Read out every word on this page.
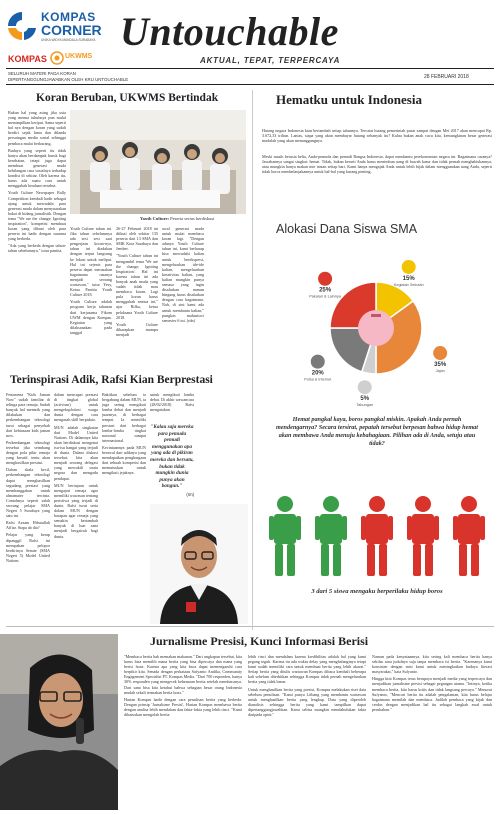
KOMPAS
CORNER
UNIKA WIDYA MANDALA SURABAYA
KOMPAS	UKWMS
Untouchable
AKTUAL, TEPAT, TERPERCAYA
SELURUH MATERI PADA KORAN
DIPERTANGGUNGJAWABKAN OLEH KRU UNTOUCHABLE	28 FEBRUARI 2018
Koran Beruban, UKWMS Bertindak

Bukan hal yang asing jika usia yang menua tubuhnya pun mulai menampilkan keriput. Sama seperti hal nya dengan koran yang sudah berdiri sejak lama dan dilanda persaingan media sosial sehingga pembaca mulai berkurang.

Budaya yang seperti itu tidak hanya akan berdampak buruk bagi kesehatan, tetapi juga dapat membuat generasi muda kehilangan rasa sosialnya terhadap kondisi di sekitar. Oleh karena itu, harus ada suatu cara untuk menggubah keadaan tersebut.

Youth Culture Newspaper Rally Competition kembali hadir sebagai ajang untuk mewadahi para generasi muda dalam menyuarakan bakat di bidang jurnalistik. Dengan tema "We are the change; Igniting inspiration", kompetisi membuat koran yang dibuat oleh para peserta ini hadir dengan suasana yang berbeda.

"Ada yang berbeda dengan tahun-tahun sebelumnya," tutur panitia.

Youth Culture: Peserta serius berdiskusi

Youth Culture tahun ini. Jika tahun sebelumnya ada sesi sesi saat pengerjaan koran-nya, tahun ini diadakan dengan terjun langsung ke lokasi untuk meliput. Hal ini sejenis para peserta dapat merasakan bagaimana rasanya menjadi seorang wartawan," tutur Yesy, Ketua Panitia Youth Culture 2018.

Youth Culture adalah program kerja tahunan dari kerjasama Fikom UWM dengan Kompas. Kegiatan yang dilaksanakan pada tanggal

26-27 Februari 2018 ini diikuti oleh sekitar 135 peserta dari 13 SMA dan SMK Kota Surabaya dan Jember.

"Youth Culture tahun ini mengambil tema 'We are the change; Igniting Inspiration'. Hal ini karena tahun ini ada banyak anak muda yang sudah tidak mau membaca koran. Lagi pula koran harus menggubah semua ini," ujar Rifka, ketua pelaksana Youth Culture 2018.

Youth Culture diharapkan mampu menjadi

awal generasi muda untuk mulai membaca koran lagi. "Dengan adanya Youth Culture tahun ini, kami berharap bisa mewadahi kalian untuk berekspresi, mengeluarkan ide-ide kalian, mengeluarkan kreativitas kalian, yang kalian mungkin punya semasa yang ingin disalurkan namun bingung harus disalurkan dengan cara bagaimana. Nah, di sini kami ada untuk membantu kalian," pungkas mahasiswi semester 6 ini. (rdn)

Hematku untuk Indonesia
Hutang negara Indonesia kian bertambah setiap tahunnya. Tercatat hutang pemerintah pusat sampai dengan Mei 2017 akan mencapai Rp. 3.672,33 triliun. Lantas, siapa yang akan membayar hutang sebanyak itu? Kalau bukan anak cucu kita, kemungkinan besar generasi mudalah yang akan menanggungnya.
Meski masih berusia belia, Anda-pemuda dan pemudi Bangsa Indonesia, dapat membantu perekonomian negara ini. Bagaimana caranya? Jawabannya sangat singkat: hemat. Tidak, bukan berarti Anda harus menimbun uang di bawah kasur dan tidak pernah menghabiskannya, atau mungkin hanya makan mie instan setiap hari. Kami hanya mengajak Anda untuk lebih bijak dalam menggunakan uang Anda, seperti tidak boros membelanjakannya untuk hal-hal yang kurang penting.
Alokasi Dana Siswa SMA
15%
Kegiatan Sekolah
35%
Jajan
5%
Tabungan
20%
Pulsa & Internet
25%
Pakaian & Lainnya
Hemat pangkal kaya, boros pangkal miskin. Apakah Anda pernah mendengarnya? Secara tersirat, pepatah tersebut berpesan bahwa hidup hemat akan membawa Anda menuju kebahagiaan. Pilihan ada di Anda, setuju atau tidak?
3 dari 5 siswa mengaku berperilaku hidup boros
Terinspirasi Adik, Rafsi Kian Berprestasi

Fenomena "Kids Jaman Now" sudah familiar di telinga para remaja. Sudah banyak hal menarik yang dilakukan dan perkembangan teknologi turut sebagai penyebab dari kebiasaan kids jaman now.

Perkembangan teknologi tersebut jika seimbang dengan pola pikir remaja yang kreatif, tentu akan menghasilkan prestasi.

Dalam skala kecil, perkembangan teknologi dapat menghasilkan segudang prestasi yang membanggakan untuk almamater tercinta. Contohnya seperti salah seorang pelajar SMA Negeri 5 Surabaya yang satu ini.

Rafsi Azzam Hibatullah Affiar. Siapa ab dia?

Pelajar yang kerap dipanggil Rafsi ini merupakan pelopor berdirinya Senate (SMA Negeri 5) Model United Nations

dalam mencapai prestasi di tingkat global (activism) untuk mengeksploitasi warga dunia dengan cara mengasah skill berpidato.

MUN adalah singkatan dari Model United Nations. Di dalamnya kita akan berdiskusi mengenai isu-isu hangat yang terjadi di dunia. Dalam diskusi tersebut, kita akan menjadi seorang delegasi yang mewakili suatu negara dan mengadu pendapat.

MUN bertujuan untuk mengajari remaja agar memiliki wawasan tentang peristiwa yang terjadi di dunia. Rafsi turut serta dalam MUN dengan harapan agar remaja yang semakin bertambah banyak di luar sana menjadi bergairah bagi dunia.

Baktikan sebelum ia bergabung dalam MUN, ia juga sering mengikuti lomba debat dan menjadi juaranya, di berbagai tempat. Ia memiliki prestasi dari berbagai lomba-lomba tingkat nasional sampai internasional.

Kecintaannya pada MUN berawal dari adiknya yang mendapatkan penghargaan dari sebuah kompetisi dan memutuskan untuk mengikuti jejaknya.

untuk mengikuti lomba debat. Di akhir wawancara (28/02/2018) Rafsi mengatakan

"Kalau saja mereka para pemuda pemudi menggunakan apa yang ada di pikiran mereka dan bersatu, bukan tidak mungkin dunia punya akan bangun."
(rm)
Jurnalisme Presisi, Kunci Informasi Berisi

"Membaca berita bak memakan makanan." Dari ungkapan tersebut, kita harus bisa memilih mana berita yang bisa dipercaya dan mana yang berisi hoax. Karena apa yang kita baca dapat memengaruhi cara berpikir kita. Senada dengan perkataan Sufyanto Andika, Community Engagement Specialist PT. Kompas Media. "Dari 700 responden, hanya 30% responden yang mengecek kebenaran berita setelah membacanya. Dari sana bisa kita ketahui bahwa sebagian besar orang Indonesia mudah sekali termakan berita hoax."

Harian Kompas hadir dengan cara penulisan berita yang berbeda. Dengan prinsip 'Jurnalisme Presisi', Harian Kompas membawa berita dengan analisa lebih mendalam dan fakta-fakta yang lebih rinci. "Kami diharuskan mengolah berita

lebih rinci dan mendalam karena kredibilitas adalah hal yang kami pegang teguh. Karena itu ada waktu delay yang menghalanginya tetapi kami sudah memiliki cara untuk membuat berita yang lebih akurat." Setiap berita yang ditulis wartawan Kompas dibaca kembali beberapa kali sebelum diterbitkan sehingga Kompas tidak pernah mengeluarkan berita yang tidak benar.

Untuk menghasilkan berita yang presisi, Kompas melakukan riset data sebelum penulisan. "Kami punya Litbang yang membantu wartawan untuk menghasilkan berita yang lengkap. Data yang diperoleh dianalisis sehingga berita yang kami tampilkan dapat dipertanggungjawabkan. Kami sebisa mungkin mendahulukan fakta daripada opini."

Namun pada kenyataannya, kita sering kali membaca berita hanya sekilas atau judulnya saja tanpa membaca isi berita. "Karenanya kami konsisten dengan misi kami untuk meningkatkan budaya literasi masyarakat," kata Sufyanto.

Hingga kini Kompas terus berupaya menjadi media yang terpercaya dan menjadikan jurnalisme presisi sebagai pegangan utama. "Intinya, ketika membaca berita, kita harus kritis dan tidak langsung percaya." Menurut Sufyanto, "Mencari berita itu adalah pengalaman, kita harus belajar bagaimana memilah dan membaca. Jadilah pembaca yang bijak dan cerdas dengan menjadikan hal itu sebagai langkah awal untuk perubahan."
